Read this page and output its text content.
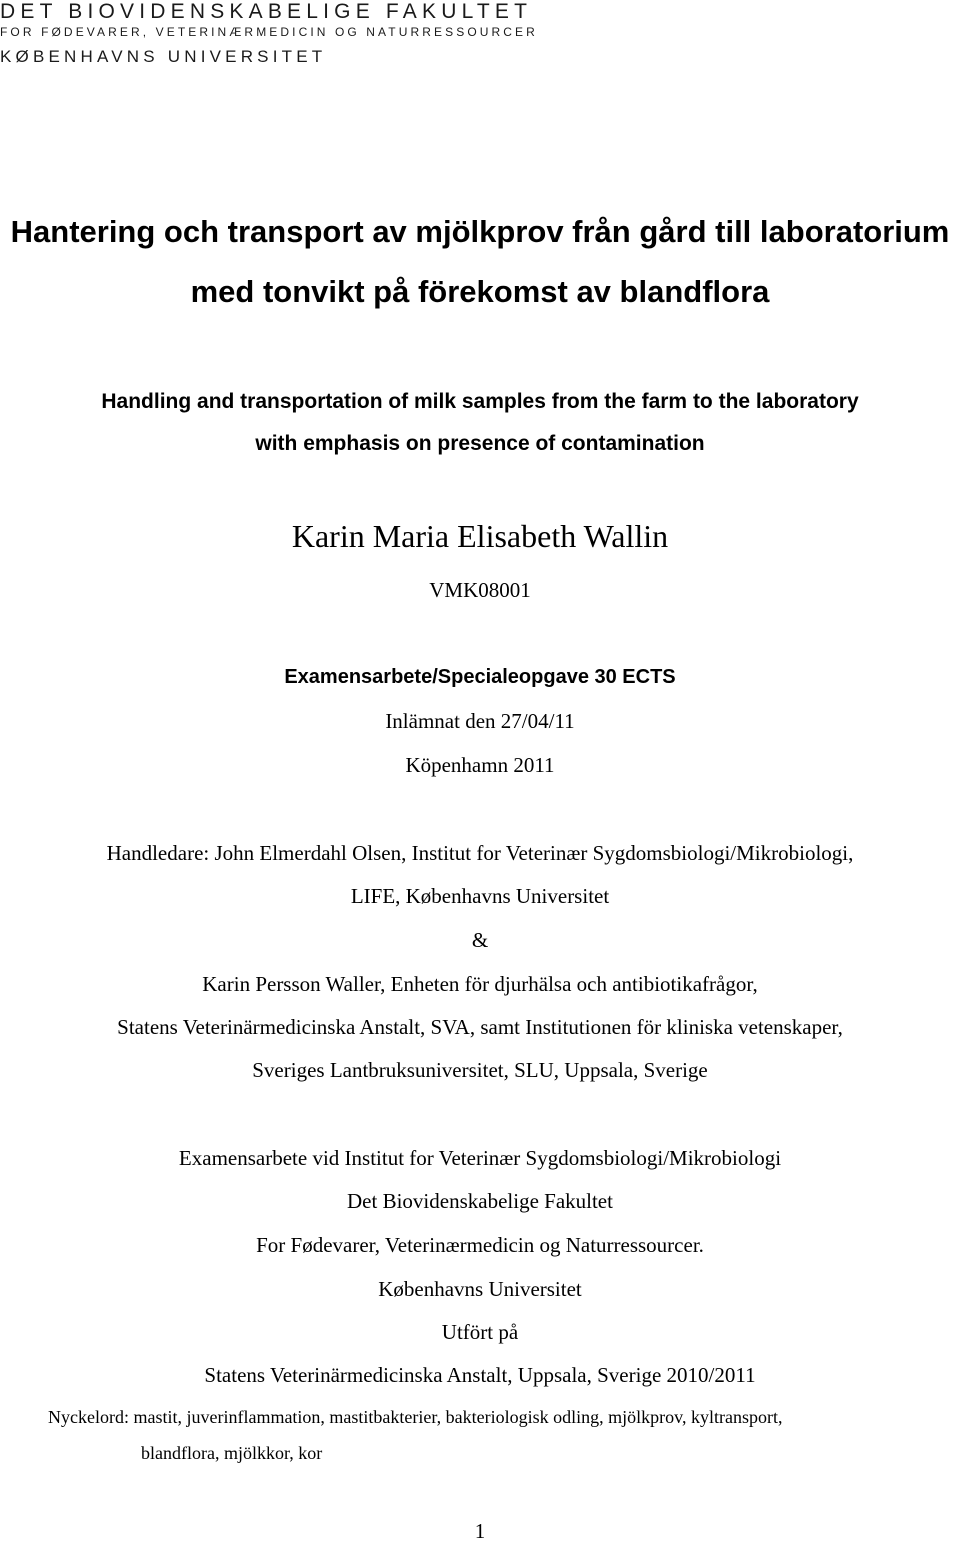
DET BIOVIDENSKABELIGE FAKULTET
FOR FØDEVARER, VETERINÆRMEDICIN OG NATURRESSOURCER
KØBENHAVNS UNIVERSITET
Hantering och transport av mjölkprov från gård till laboratorium
med tonvikt på förekomst av blandflora
Handling and transportation of milk samples from the farm to the laboratory
with emphasis on presence of contamination
Karin Maria Elisabeth Wallin
VMK08001
Examensarbete/Specialeopgave 30 ECTS
Inlämnat den 27/04/11
Köpenhamn 2011
Handledare: John Elmerdahl Olsen, Institut for Veterinær Sygdomsbiologi/Mikrobiologi,
LIFE, Københavns Universitet
&
Karin Persson Waller, Enheten för djurhälsa och antibiotikafrågor,
Statens Veterinärmedicinska Anstalt, SVA, samt Institutionen för kliniska vetenskaper,
Sveriges Lantbruksuniversitet, SLU, Uppsala, Sverige
Examensarbete vid Institut for Veterinær Sygdomsbiologi/Mikrobiologi
Det Biovidenskabelige Fakultet
For Fødevarer, Veterinærmedicin og Naturressourcer.
Københavns Universitet
Utfört på
Statens Veterinärmedicinska Anstalt, Uppsala, Sverige 2010/2011
Nyckelord: mastit, juverinflammation, mastitbakterier, bakteriologisk odling, mjölkprov, kyltransport,
blandflora, mjölkkor, kor
1
